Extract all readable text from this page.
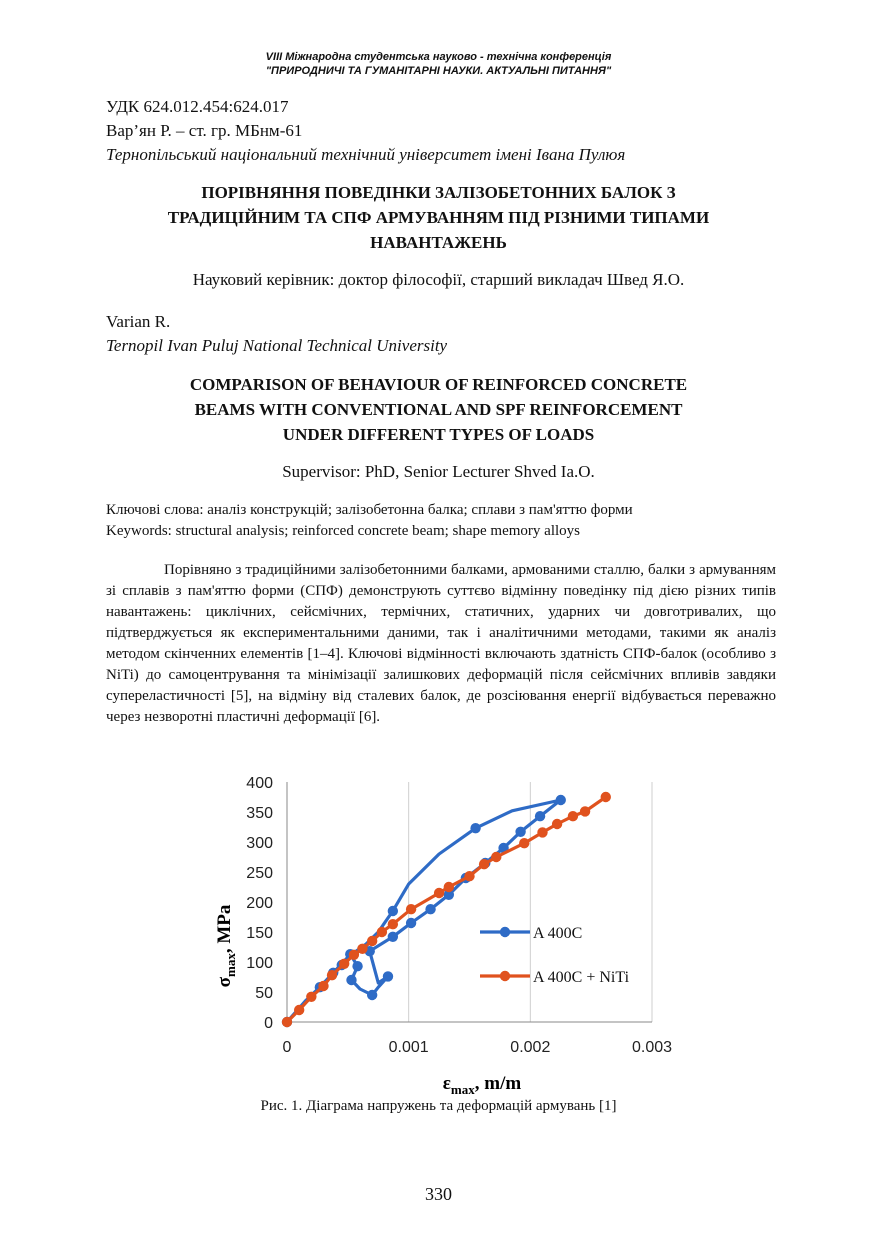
VIII Міжнародна студентська науково - технічна конференція
"ПРИРОДНИЧІ ТА ГУМАНІТАРНІ НАУКИ. АКТУАЛЬНІ ПИТАННЯ"
УДК 624.012.454:624.017
Вар’ян Р. – ст. гр. МБнм-61
Тернопільський національний технічний університет імені Івана Пулюя
ПОРІВНЯННЯ ПОВЕДІНКИ ЗАЛІЗОБЕТОННИХ БАЛОК З
ТРАДИЦІЙНИМ ТА СПФ АРМУВАННЯМ ПІД РІЗНИМИ ТИПАМИ
НАВАНТАЖЕНЬ
Науковий керівник: доктор філософії, старший викладач Швед Я.О.
Varian R.
Ternopil Ivan Puluj National Technical University
COMPARISON OF BEHAVIOUR OF REINFORCED CONCRETE
BEAMS WITH CONVENTIONAL AND SPF REINFORCEMENT
UNDER DIFFERENT TYPES OF LOADS
Supervisor: PhD, Senior Lecturer Shved Ia.O.
Ключові слова: аналіз конструкцій; залізобетонна балка; сплави з пам'яттю форми
Keywords: structural analysis; reinforced concrete beam; shape memory alloys
Порівняно з традиційними залізобетонними балками, армованими сталлю, балки з армуванням зі сплавів з пам'яттю форми (СПФ) демонструють суттєво відмінну поведінку під дією різних типів навантажень: циклічних, сейсмічних, термічних, статичних, ударних чи довготривалих, що підтверджується як експериментальними даними, так і аналітичними методами, такими як аналіз методом скінченних елементів [1–4]. Ключові відмінності включають здатність СПФ-балок (особливо з NiTi) до самоцентрування та мінімізації залишкових деформацій після сейсмічних впливів завдяки супереластичності [5], на відміну від сталевих балок, де розсіювання енергії відбувається переважно через незворотні пластичні деформації [6].
0	0.001	0.002	0.003
0
50
100
150
200
250
300
350
400
A 400C
A 400C + NiTi
$\sigma_{max}$, MPa
$\varepsilon_{max}$, m/m
Рис. 1. Діаграма напружень та деформацій армувань [1]
330
